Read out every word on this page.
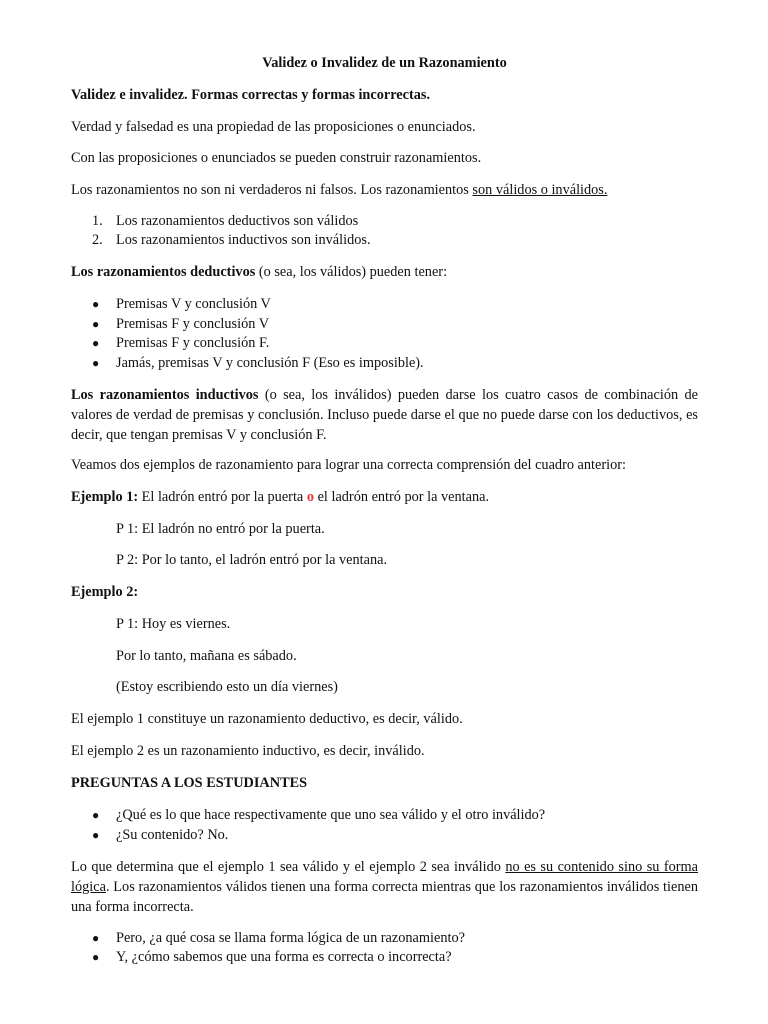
Validez o Invalidez de un Razonamiento
Validez e invalidez. Formas correctas y formas incorrectas.
Verdad y falsedad es una propiedad de las proposiciones o enunciados.
Con las proposiciones o enunciados se pueden construir razonamientos.
Los razonamientos no son ni verdaderos ni falsos. Los razonamientos son válidos o inválidos.
1. Los razonamientos deductivos son válidos
2. Los razonamientos inductivos son inválidos.
Los razonamientos deductivos (o sea, los válidos) pueden tener:
● Premisas V y conclusión V
● Premisas F y conclusión V
● Premisas F y conclusión F.
● Jamás, premisas V y conclusión F (Eso es imposible).
Los razonamientos inductivos (o sea, los inválidos) pueden darse los cuatro casos de combinación de valores de verdad de premisas y conclusión. Incluso puede darse el que no puede darse con los deductivos, es decir, que tengan premisas V y conclusión F.
Veamos dos ejemplos de razonamiento para lograr una correcta comprensión del cuadro anterior:
Ejemplo 1: El ladrón entró por la puerta o el ladrón entró por la ventana.
P 1: El ladrón no entró por la puerta.
P 2: Por lo tanto, el ladrón entró por la ventana.
Ejemplo 2:
P 1: Hoy es viernes.
Por lo tanto, mañana es sábado.
(Estoy escribiendo esto un día viernes)
El ejemplo 1 constituye un razonamiento deductivo, es decir, válido.
El ejemplo 2 es un razonamiento inductivo, es decir, inválido.
PREGUNTAS A LOS ESTUDIANTES
● ¿Qué es lo que hace respectivamente que uno sea válido y el otro inválido?
● ¿Su contenido? No.
Lo que determina que el ejemplo 1 sea válido y el ejemplo 2 sea inválido no es su contenido sino su forma lógica. Los razonamientos válidos tienen una forma correcta mientras que los razonamientos inválidos tienen una forma incorrecta.
● Pero, ¿a qué cosa se llama forma lógica de un razonamiento?
● Y, ¿cómo sabemos que una forma es correcta o incorrecta?
